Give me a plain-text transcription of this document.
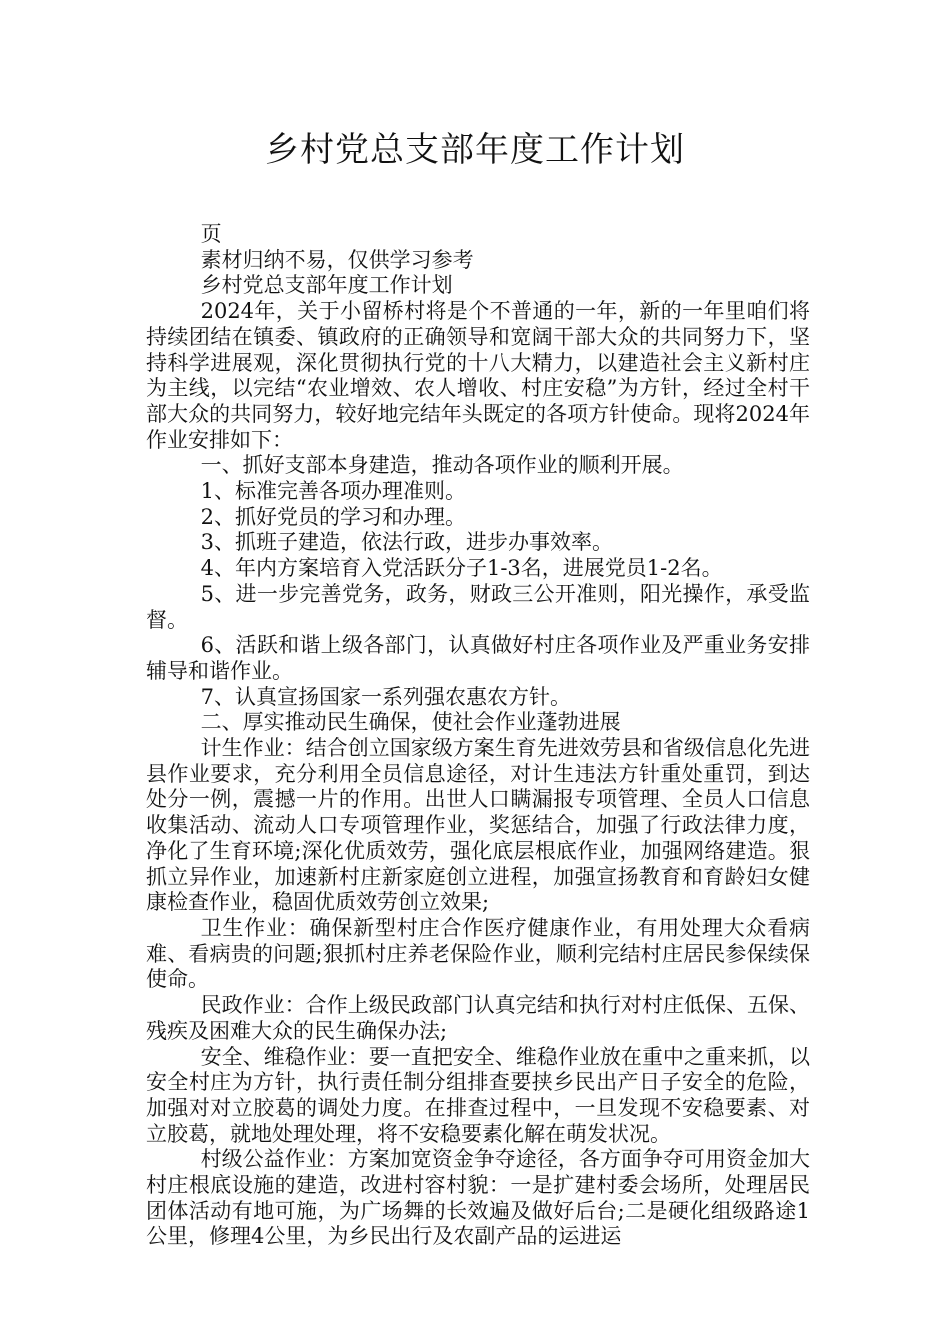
乡村党总支部年度工作计划

页

素材归纳不易，仅供学习参考

乡村党总支部年度工作计划

2024年，关于小留桥村将是个不普通的一年，新的一年里咱们将持续团结在镇委、镇政府的正确领导和宽阔干部大众的共同努力下，坚持科学进展观，深化贯彻执行党的十八大精力，以建造社会主义新村庄为主线，以完结“农业增效、农人增收、村庄安稳”为方针，经过全村干部大众的共同努力，较好地完结年头既定的各项方针使命。现将2024年作业安排如下：

一、抓好支部本身建造，推动各项作业的顺利开展。

1、标准完善各项办理准则。

2、抓好党员的学习和办理。

3、抓班子建造，依法行政，进步办事效率。

4、年内方案培育入党活跃分子1-3名，进展党员1-2名。

5、进一步完善党务，政务，财政三公开准则，阳光操作，承受监督。

6、活跃和谐上级各部门，认真做好村庄各项作业及严重业务安排辅导和谐作业。

7、认真宣扬国家一系列强农惠农方针。

二、厚实推动民生确保，使社会作业蓬勃进展

计生作业：结合创立国家级方案生育先进效劳县和省级信息化先进县作业要求，充分利用全员信息途径，对计生违法方针重处重罚，到达处分一例，震撼一片的作用。出世人口瞒漏报专项管理、全员人口信息收集活动、流动人口专项管理作业，奖惩结合，加强了行政法律力度，净化了生育环境;深化优质效劳，强化底层根底作业，加强网络建造。狠抓立异作业，加速新村庄新家庭创立进程，加强宣扬教育和育龄妇女健康检查作业，稳固优质效劳创立效果;

卫生作业：确保新型村庄合作医疗健康作业，有用处理大众看病难、看病贵的问题;狠抓村庄养老保险作业，顺利完结村庄居民参保续保使命。

民政作业：合作上级民政部门认真完结和执行对村庄低保、五保、残疾及困难大众的民生确保办法;

安全、维稳作业：要一直把安全、维稳作业放在重中之重来抓，以安全村庄为方针，执行责任制分组排查要挟乡民出产日子安全的危险，加强对对立胶葛的调处力度。在排查过程中，一旦发现不安稳要素、对立胶葛，就地处理处理，将不安稳要素化解在萌发状况。

村级公益作业：方案加宽资金争夺途径，各方面争夺可用资金加大村庄根底设施的建造，改进村容村貌：一是扩建村委会场所，处理居民团体活动有地可施，为广场舞的长效遍及做好后台;二是硬化组级路途1公里，修理4公里，为乡民出行及农副产品的运进运
